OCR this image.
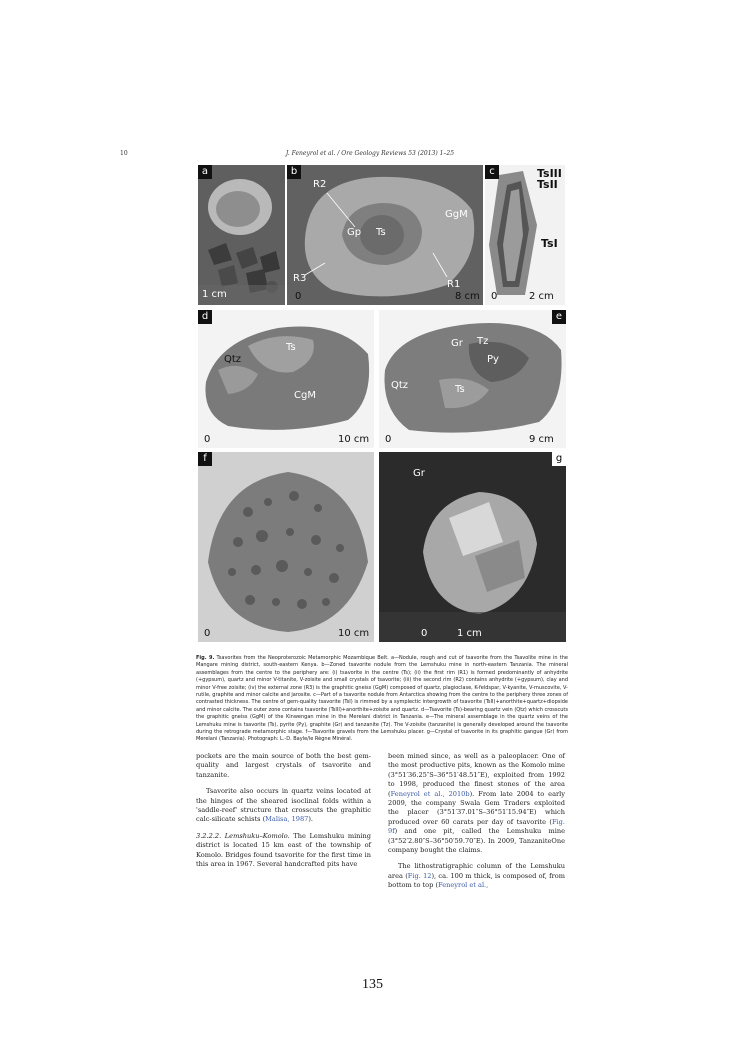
10	J. Feneyrol et al. / Ore Geology Reviews 53 (2013) 1–25
a
1 cm
b
R2
Gp Ts
GgM
R3
R1
0	8 cm
c	TsIII
TsII
TsI
0	2 cm
d
Qtz
Ts
CgM
0	10 cm
e
Gr Tz
Py
Qtz	Ts
0	9 cm
f
0	10 cm
g
Gr
0	1 cm
Fig. 9. Tsavorites from the Neoproterozoic Metamorphic Mozambique Belt. a—Nodule, rough and cut of tsavorite from the Tsavolite mine in the Mangare mining district, south-eastern Kenya. b—Zoned tsavorite nodule from the Lemshuku mine in north-eastern Tanzania. The mineral assemblages from the centre to the periphery are: (i) tsavorite in the centre (Ts); (ii) the first rim (R1) is formed predominantly of anhydrite (+gypsum), quartz and minor V-titanite, V-zoisite and small crystals of tsavorite; (iii) the second rim (R2) contains anhydrite (+gypsum), clay and minor V-free zoisite; (iv) the external zone (R3) is the graphitic gneiss (GgM) composed of quartz, plagioclase, K-feldspar, V-kyanite, V-muscovite, V-rutile, graphite and minor calcite and jarosite. c—Part of a tsavorite nodule from Antarctica showing from the centre to the periphery three zones of contrasted thickness. The centre of gem-quality tsavorite (TsI) is rimmed by a symplectic intergrowth of tsavorite (TsII)+anorthite+quartz+diopside and minor calcite. The outer zone contains tsavorite (TsIII)+anorthite+zoisite and quartz. d—Tsavorite (Ts)-bearing quartz vein (Qtz) which crosscuts the graphitic gneiss (GgM) of the Kinwengan mine in the Merelani district in Tanzania. e—The mineral assemblage in the quartz veins of the Lemshuku mine is tsavorite (Ts), pyrite (Py), graphite (Gr) and tanzanite (Tz). The V-zoisite (tanzanite) is generally developed around the tsavorite during the retrograde metamorphic stage. f—Tsavorite gravels from the Lemshuku placer. g—Crystal of tsavorite in its graphitic gangue (Gr) from Merelani (Tanzania). Photograph: L.-D. Bayle/le Règne Minéral.

pockets are the main source of both the best gem-quality and largest crystals of tsavorite and tanzanite.

Tsavorite also occurs in quartz veins located at the hinges of the sheared isoclinal folds within a 'saddle-reef' structure that crosscuts the graphitic calc-silicate schists (Malisa, 1987).

3.2.2.2. Lemshuku–Komolo. The Lemshuku mining district is located 15 km east of the township of Komolo. Bridges found tsavorite for the first time in this area in 1967. Several handcrafted pits have

been mined since, as well as a paleoplacer. One of the most productive pits, known as the Komolo mine (3°51′36.25″S–36°51′48.51″E), exploited from 1992 to 1998, produced the finest stones of the area (Feneyrol et al., 2010b). From late 2004 to early 2009, the company Swala Gem Traders exploited the placer (3°51′37.01″S–36°51′15.94″E) which produced over 60 carats per day of tsavorite (Fig. 9f) and one pit, called the Lemshuku mine (3°52′2.80″S–36°50′59.70″E). In 2009, TanzaniteOne company bought the claims.

The lithostratigraphic column of the Lemshuku area (Fig. 12), ca. 100 m thick, is composed of, from bottom to top (Feneyrol et al.,

135
